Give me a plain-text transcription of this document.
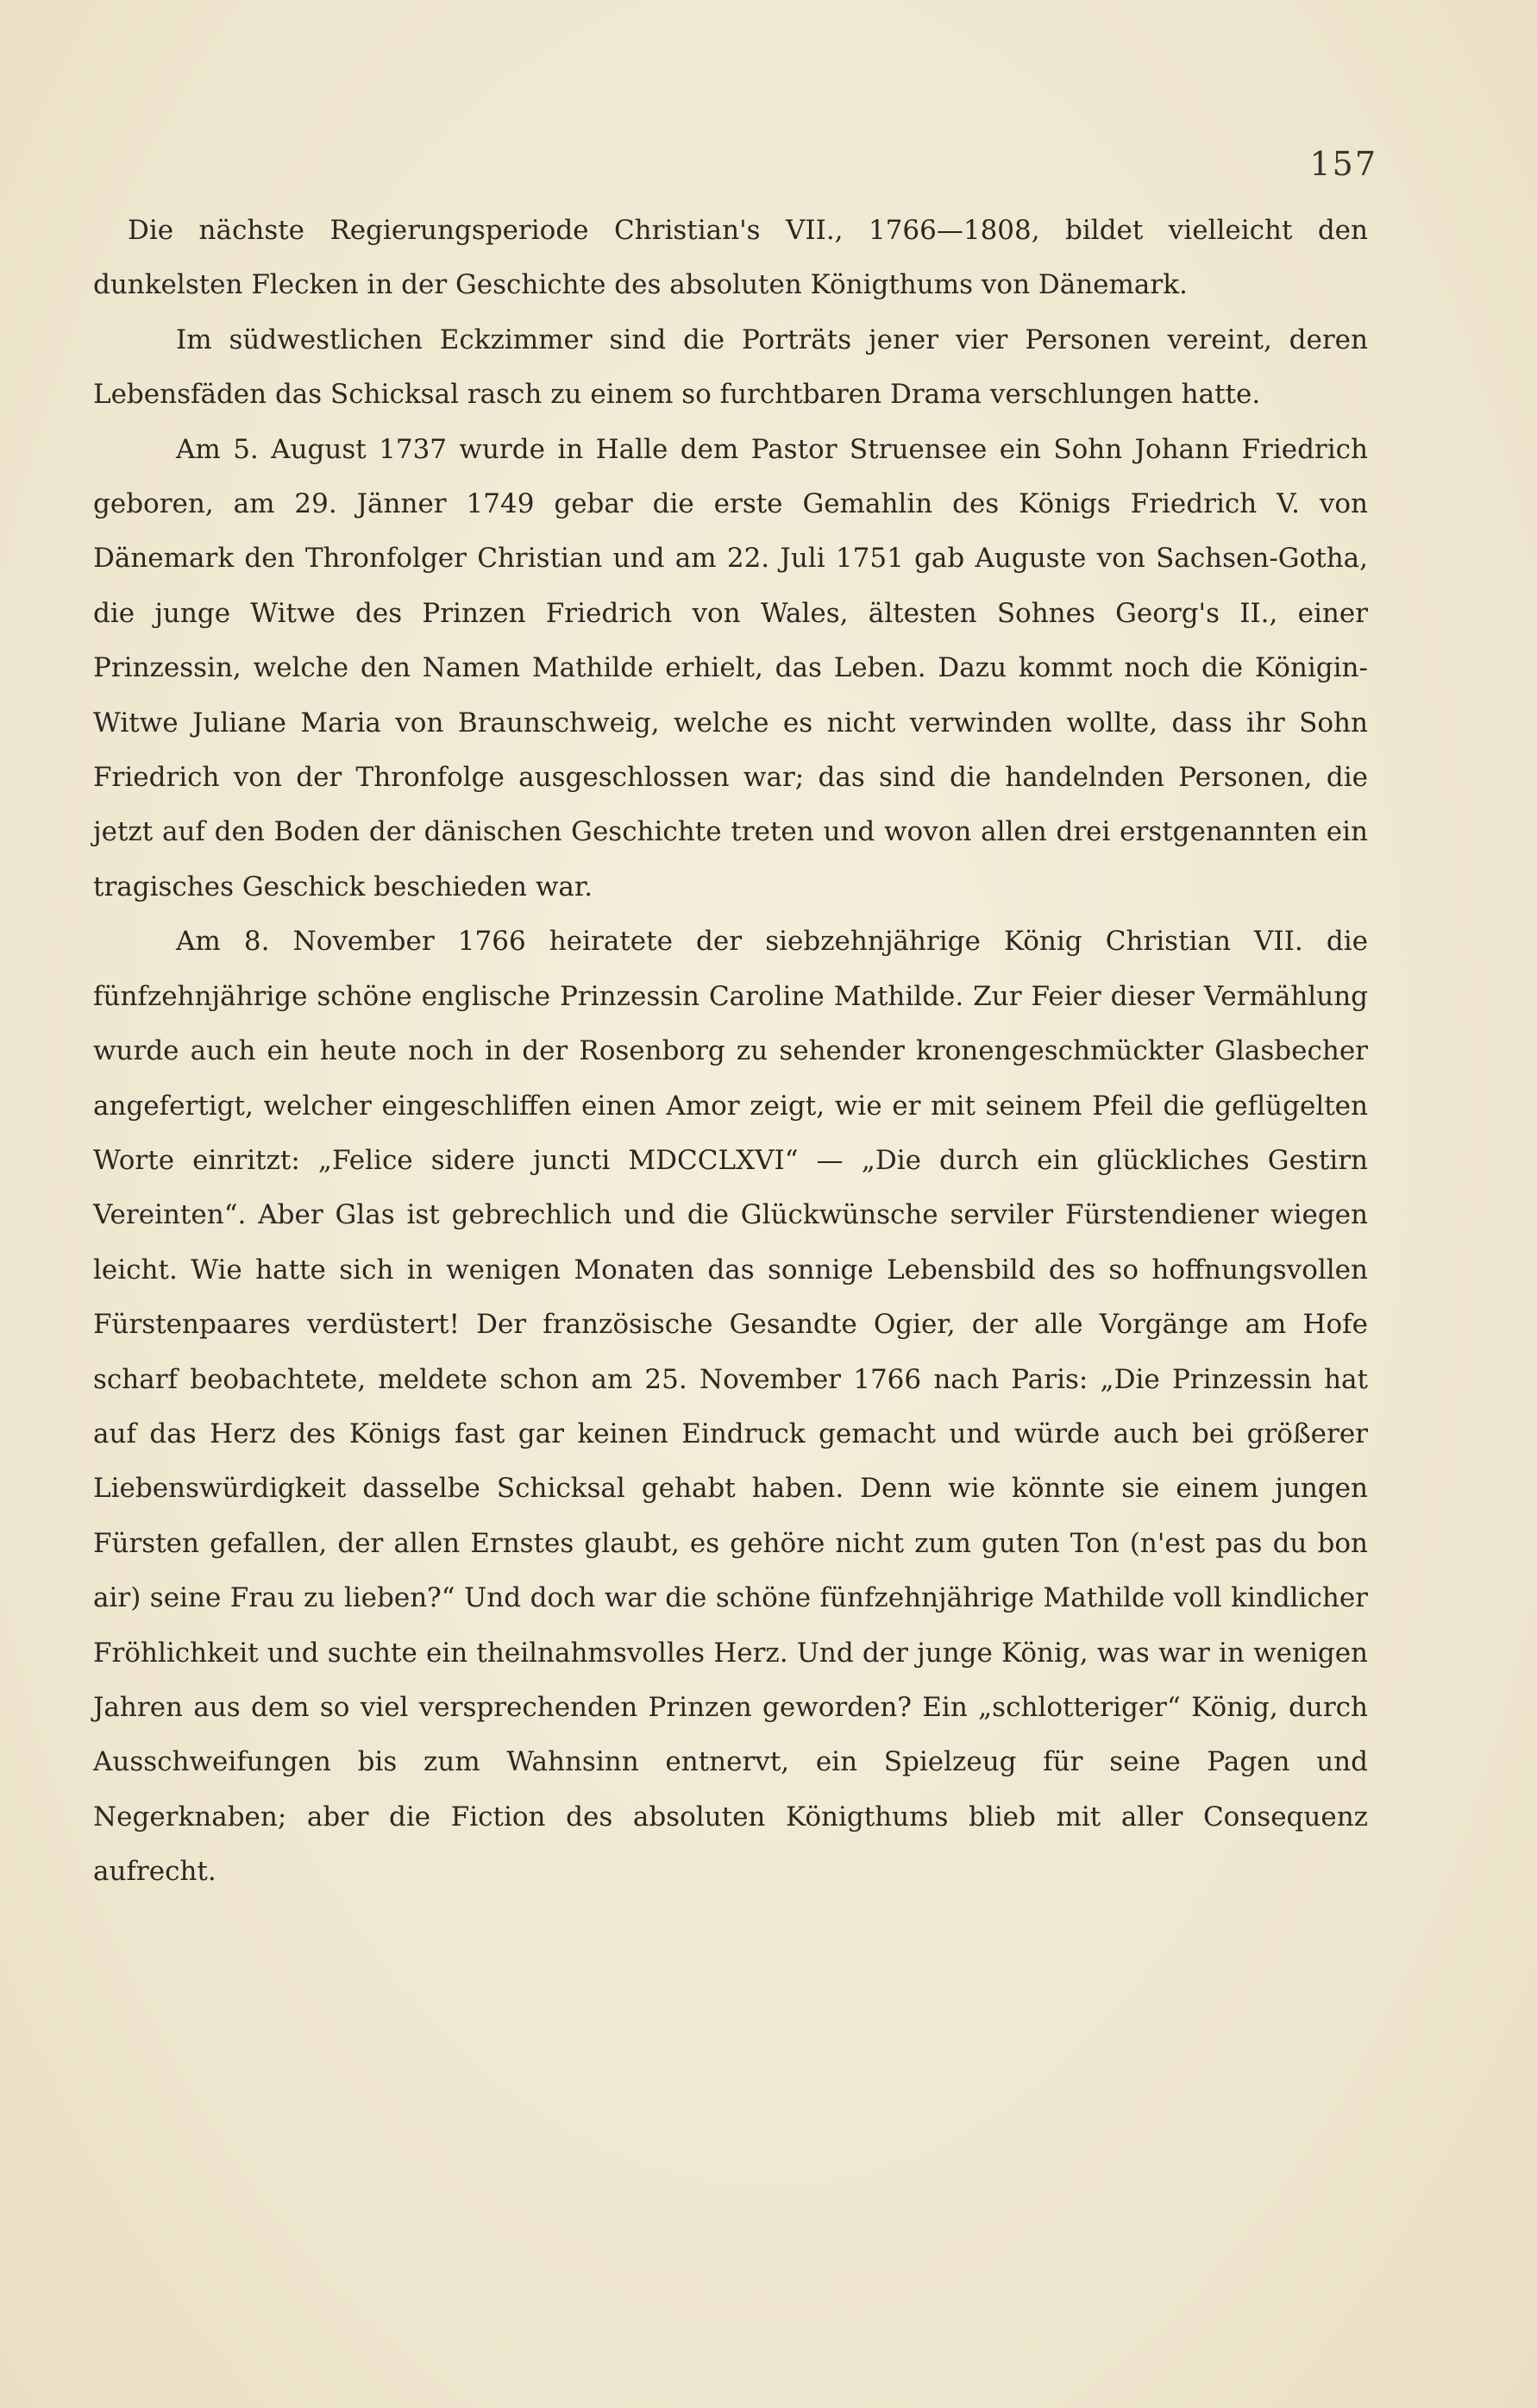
157

Die nächste Regierungsperiode Christian's VII., 1766—1808, bildet vielleicht den dunkelsten Flecken in der Geschichte des absoluten Königthums von Dänemark.

Im südwestlichen Eckzimmer sind die Porträts jener vier Personen vereint, deren Lebensfäden das Schicksal rasch zu einem so furchtbaren Drama verschlungen hatte.

Am 5. August 1737 wurde in Halle dem Pastor Struensee ein Sohn Johann Friedrich geboren, am 29. Jänner 1749 gebar die erste Gemahlin des Königs Friedrich V. von Dänemark den Thronfolger Christian und am 22. Juli 1751 gab Auguste von Sachsen-Gotha, die junge Witwe des Prinzen Friedrich von Wales, ältesten Sohnes Georg's II., einer Prinzessin, welche den Namen Mathilde erhielt, das Leben. Dazu kommt noch die Königin-Witwe Juliane Maria von Braunschweig, welche es nicht verwinden wollte, dass ihr Sohn Friedrich von der Thronfolge ausgeschlossen war; das sind die handelnden Personen, die jetzt auf den Boden der dänischen Geschichte treten und wovon allen drei erstgenannten ein tragisches Geschick beschieden war.

Am 8. November 1766 heiratete der siebzehnjährige König Christian VII. die fünfzehnjährige schöne englische Prinzessin Caroline Mathilde. Zur Feier dieser Vermählung wurde auch ein heute noch in der Rosenborg zu sehender kronengeschmückter Glasbecher angefertigt, welcher eingeschliffen einen Amor zeigt, wie er mit seinem Pfeil die geflügelten Worte einritzt: „Felice sidere juncti MDCCLXVI“ — „Die durch ein glückliches Gestirn Vereinten“. Aber Glas ist gebrechlich und die Glückwünsche serviler Fürstendiener wiegen leicht. Wie hatte sich in wenigen Monaten das sonnige Lebensbild des so hoffnungsvollen Fürstenpaares verdüstert! Der französische Gesandte Ogier, der alle Vorgänge am Hofe scharf beobachtete, meldete schon am 25. November 1766 nach Paris: „Die Prinzessin hat auf das Herz des Königs fast gar keinen Eindruck gemacht und würde auch bei größerer Liebenswürdigkeit dasselbe Schicksal gehabt haben. Denn wie könnte sie einem jungen Fürsten gefallen, der allen Ernstes glaubt, es gehöre nicht zum guten Ton (n'est pas du bon air) seine Frau zu lieben?“ Und doch war die schöne fünfzehnjährige Mathilde voll kindlicher Fröhlichkeit und suchte ein theilnahmsvolles Herz. Und der junge König, was war in wenigen Jahren aus dem so viel versprechenden Prinzen geworden? Ein „schlotteriger“ König, durch Ausschweifungen bis zum Wahnsinn entnervt, ein Spielzeug für seine Pagen und Negerknaben; aber die Fiction des absoluten Königthums blieb mit aller Consequenz aufrecht.
